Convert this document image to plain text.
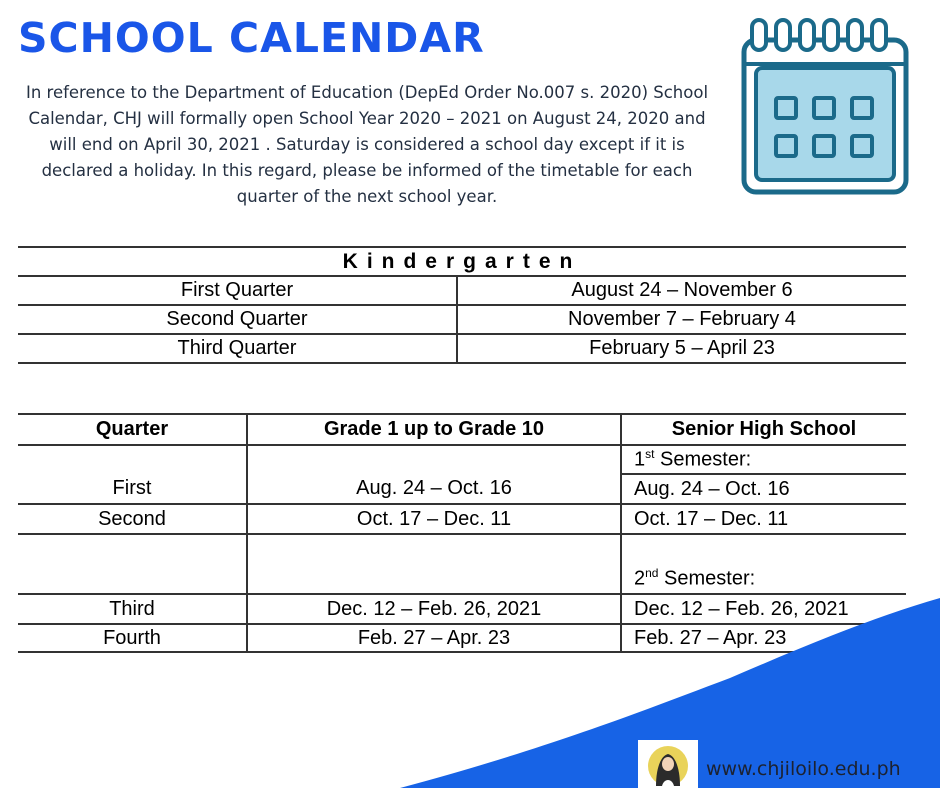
SCHOOL CALENDAR

In reference to the Department of Education (DepEd Order No.007 s. 2020) School Calendar, CHJ will formally open School Year 2020 – 2021 on August 24, 2020 and will end on April 30, 2021 . Saturday is considered a school day except if it is declared a holiday. In this regard, please be informed of the timetable for each quarter of the next school year.

Kindergarten	
First Quarter	August 24 – November 6
Second Quarter	November 7 – February 4
Third Quarter	February 5 – April 23
Quarter	Grade 1 up to Grade 10	Senior High School
		1st Semester:
First	Aug. 24 – Oct. 16	Aug. 24 – Oct. 16
Second	Oct. 17 – Dec. 11	Oct. 17 – Dec. 11
		2nd Semester:
Third	Dec. 12 – Feb. 26, 2021	Dec. 12 – Feb. 26, 2021
Fourth	Feb. 27 – Apr. 23	Feb. 27 – Apr. 23
www.chjiloilo.edu.ph
